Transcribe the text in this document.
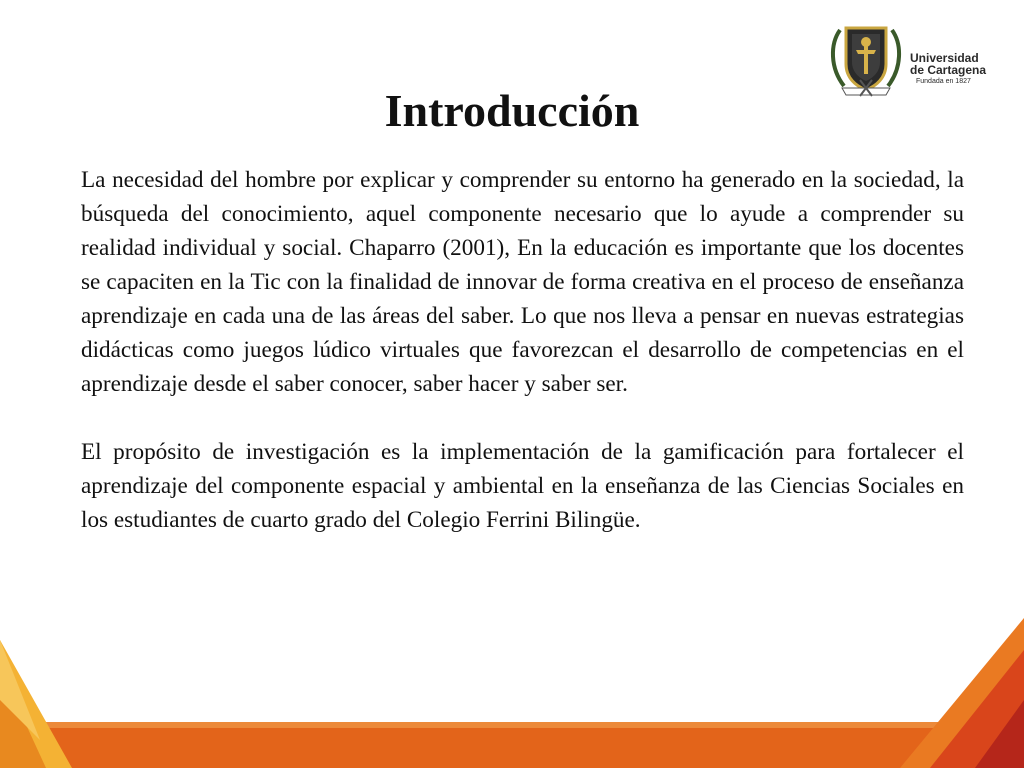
Universidad
de Cartagena
Fundada en 1827
Introducción

La necesidad del hombre por explicar y comprender su entorno ha generado en la sociedad, la búsqueda del conocimiento, aquel componente necesario que lo ayude a comprender su realidad individual y social. Chaparro (2001), En la educación es importante que los docentes se capaciten en la Tic con la finalidad de innovar de forma creativa en el proceso de enseñanza aprendizaje en cada una de las áreas del saber. Lo que nos lleva a pensar en nuevas estrategias didácticas como juegos lúdico virtuales que favorezcan el desarrollo de competencias en el aprendizaje desde el saber conocer, saber hacer y saber ser.

El propósito de investigación es la implementación de la gamificación para fortalecer el aprendizaje del componente espacial y ambiental en la enseñanza de las Ciencias Sociales en los estudiantes de cuarto grado del Colegio Ferrini Bilingüe.
